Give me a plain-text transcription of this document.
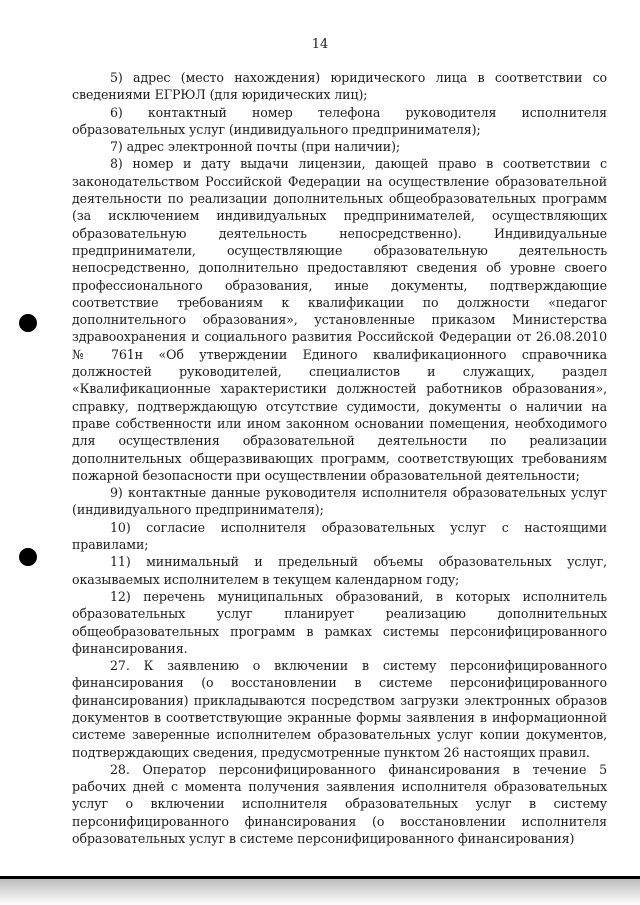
14

5) адрес (место нахождения) юридического лица в соответствии со сведениями ЕГРЮЛ (для юридических лиц);

6) контактный номер телефона руководителя исполнителя образовательных услуг (индивидуального предпринимателя);

7) адрес электронной почты (при наличии);

8) номер и дату выдачи лицензии, дающей право в соответствии с законодательством Российской Федерации на осуществление образовательной деятельности по реализации дополнительных общеобразовательных программ (за исключением индивидуальных предпринимателей, осуществляющих образовательную деятельность непосредственно). Индивидуальные предприниматели, осуществляющие образовательную деятельность непосредственно, дополнительно предоставляют сведения об уровне своего профессионального образования, иные документы, подтверждающие соответствие требованиям к квалификации по должности «педагог дополнительного образования», установленные приказом Министерства здравоохранения и социального развития Российской Федерации от 26.08.2010 № 761н «Об утверждении Единого квалификационного справочника должностей руководителей, специалистов и служащих, раздел «Квалификационные характеристики должностей работников образования», справку, подтверждающую отсутствие судимости, документы о наличии на праве собственности или ином законном основании помещения, необходимого для осуществления образовательной деятельности по реализации дополнительных общеразвивающих программ, соответствующих требованиям пожарной безопасности при осуществлении образовательной деятельности;

9) контактные данные руководителя исполнителя образовательных услуг (индивидуального предпринимателя);

10) согласие исполнителя образовательных услуг с настоящими правилами;

11) минимальный и предельный объемы образовательных услуг, оказываемых исполнителем в текущем календарном году;

12) перечень муниципальных образований, в которых исполнитель образовательных услуг планирует реализацию дополнительных общеобразовательных программ в рамках системы персонифицированного финансирования.

27. К заявлению о включении в систему персонифицированного финансирования (о восстановлении в системе персонифицированного финансирования) прикладываются посредством загрузки электронных образов документов в соответствующие экранные формы заявления в информационной системе заверенные исполнителем образовательных услуг копии документов, подтверждающих сведения, предусмотренные пунктом 26 настоящих правил.

28. Оператор персонифицированного финансирования в течение 5 рабочих дней с момента получения заявления исполнителя образовательных услуг о включении исполнителя образовательных услуг в систему персонифицированного финансирования (о восстановлении исполнителя образовательных услуг в системе персонифицированного финансирования)
